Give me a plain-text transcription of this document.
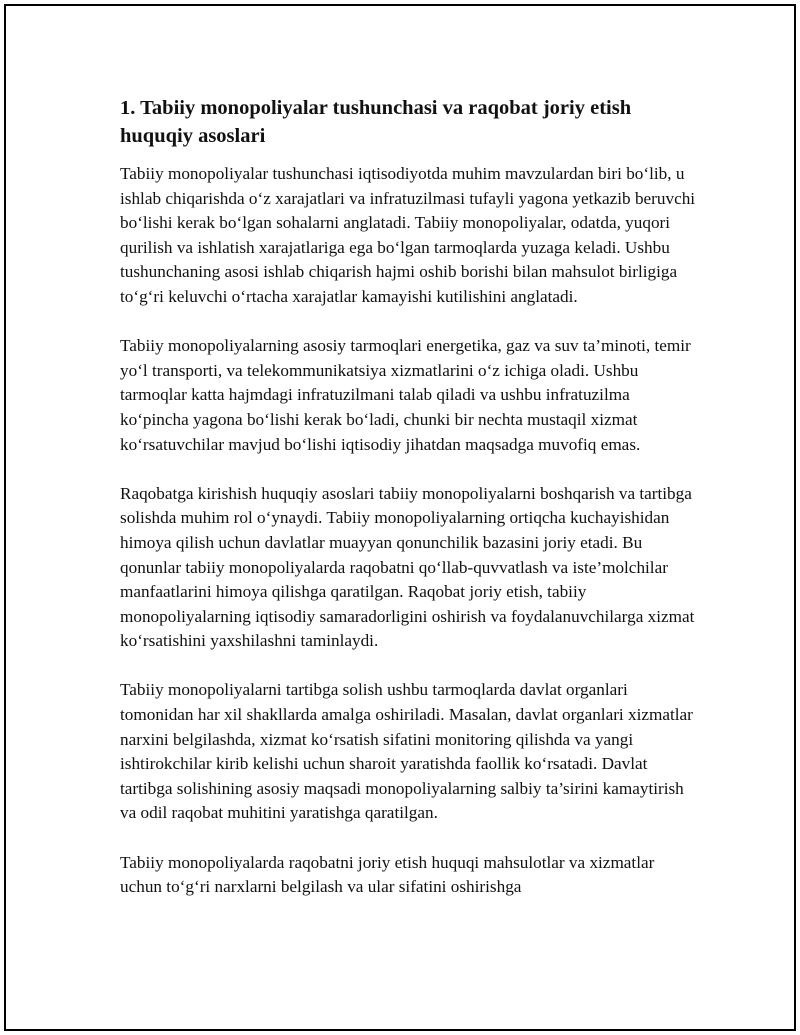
1. Tabiiy monopoliyalar tushunchasi va raqobat joriy etish huquqiy asoslari

Tabiiy monopoliyalar tushunchasi iqtisodiyotda muhim mavzulardan biri bo‘lib, u ishlab chiqarishda o‘z xarajatlari va infratuzilmasi tufayli yagona yetkazib beruvchi bo‘lishi kerak bo‘lgan sohalarni anglatadi. Tabiiy monopoliyalar, odatda, yuqori qurilish va ishlatish xarajatlariga ega bo‘lgan tarmoqlarda yuzaga keladi. Ushbu tushunchaning asosi ishlab chiqarish hajmi oshib borishi bilan mahsulot birligiga to‘g‘ri keluvchi o‘rtacha xarajatlar kamayishi kutilishini anglatadi.

Tabiiy monopoliyalarning asosiy tarmoqlari energetika, gaz va suv ta’minoti, temir yo‘l transporti, va telekommunikatsiya xizmatlarini o‘z ichiga oladi. Ushbu tarmoqlar katta hajmdagi infratuzilmani talab qiladi va ushbu infratuzilma ko‘pincha yagona bo‘lishi kerak bo‘ladi, chunki bir nechta mustaqil xizmat ko‘rsatuvchilar mavjud bo‘lishi iqtisodiy jihatdan maqsadga muvofiq emas.

Raqobatga kirishish huquqiy asoslari tabiiy monopoliyalarni boshqarish va tartibga solishda muhim rol o‘ynaydi. Tabiiy monopoliyalarning ortiqcha kuchayishidan himoya qilish uchun davlatlar muayyan qonunchilik bazasini joriy etadi. Bu qonunlar tabiiy monopoliyalarda raqobatni qo‘llab-quvvatlash va iste’molchilar manfaatlarini himoya qilishga qaratilgan. Raqobat joriy etish, tabiiy monopoliyalarning iqtisodiy samaradorligini oshirish va foydalanuvchilarga xizmat ko‘rsatishini yaxshilashni taminlaydi.

Tabiiy monopoliyalarni tartibga solish ushbu tarmoqlarda davlat organlari tomonidan har xil shakllarda amalga oshiriladi. Masalan, davlat organlari xizmatlar narxini belgilashda, xizmat ko‘rsatish sifatini monitoring qilishda va yangi ishtirokchilar kirib kelishi uchun sharoit yaratishda faollik ko‘rsatadi. Davlat tartibga solishining asosiy maqsadi monopoliyalarning salbiy ta’sirini kamaytirish va odil raqobat muhitini yaratishga qaratilgan.

Tabiiy monopoliyalarda raqobatni joriy etish huquqi mahsulotlar va xizmatlar uchun to‘g‘ri narxlarni belgilash va ular sifatini oshirishga
